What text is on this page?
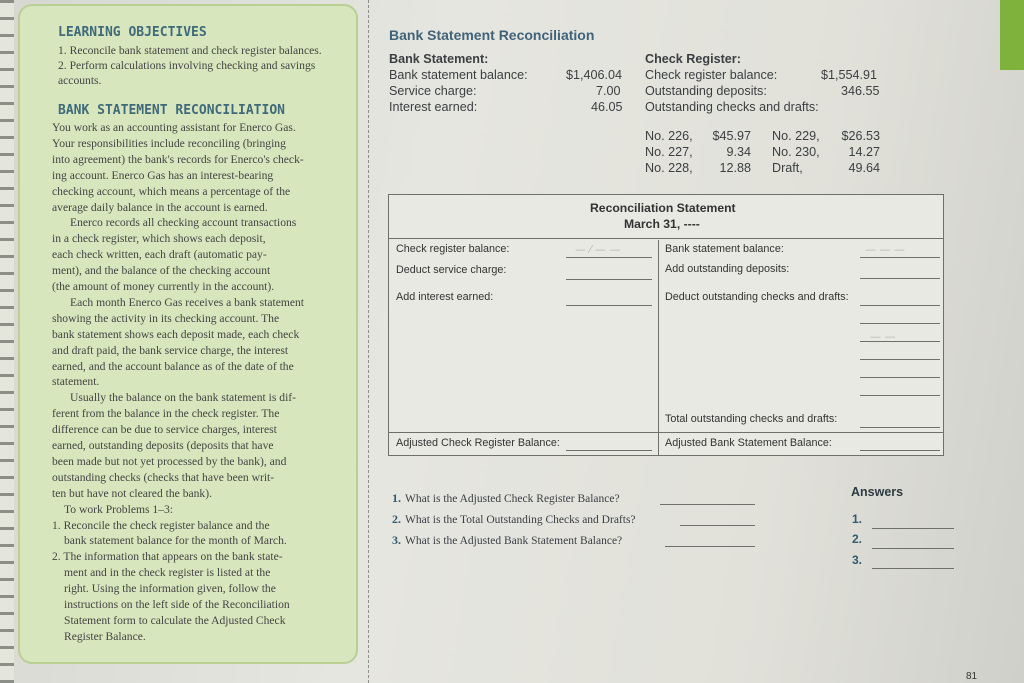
LEARNING OBJECTIVES
1. Reconcile bank statement and check register balances.
2. Perform calculations involving checking and savings
accounts.
BANK STATEMENT RECONCILIATION
You work as an accounting assistant for Enerco Gas.
Your responsibilities include reconciling (bringing
into agreement) the bank's records for Enerco's check-
ing account. Enerco Gas has an interest-bearing
checking account, which means a percentage of the
average daily balance in the account is earned.
Enerco records all checking account transactions
in a check register, which shows each deposit,
each check written, each draft (automatic pay-
ment), and the balance of the checking account
(the amount of money currently in the account).
Each month Enerco Gas receives a bank statement
showing the activity in its checking account. The
bank statement shows each deposit made, each check
and draft paid, the bank service charge, the interest
earned, and the account balance as of the date of the
statement.
Usually the balance on the bank statement is dif-
ferent from the balance in the check register. The
difference can be due to service charges, interest
earned, outstanding deposits (deposits that have
been made but not yet processed by the bank), and
outstanding checks (checks that have been writ-
ten but have not cleared the bank).
To work Problems 1–3:
1. Reconcile the check register balance and the
bank statement balance for the month of March.
2. The information that appears on the bank state-
ment and in the check register is listed at the
right. Using the information given, follow the
instructions on the left side of the Reconciliation
Statement form to calculate the Adjusted Check
Register Balance.
Bank Statement Reconciliation
Bank Statement:
Bank statement balance:	$1,406.04
Service charge:	7.00
Interest earned:	46.05
Check Register:
Check register balance:	$1,554.91
Outstanding deposits:	346.55
Outstanding checks and drafts:
No. 226, $45.97 No. 229, $26.53
No. 227,	9.34 No. 230, 14.27
No. 228, 12.88 Draft,	49.64
Reconciliation Statement
March 31, ----
Check register balance:
Deduct service charge:
Add interest earned:
Adjusted Check Register Balance:
Bank statement balance:
Add outstanding deposits:
Deduct outstanding checks and drafts:
Total outstanding checks and drafts:
Adjusted Bank Statement Balance:
— ⁄ — —	— — —
— —
1. What is the Adjusted Check Register Balance?
2. What is the Total Outstanding Checks and Drafts?
3. What is the Adjusted Bank Statement Balance?
Answers
1.
2.
3.
81
